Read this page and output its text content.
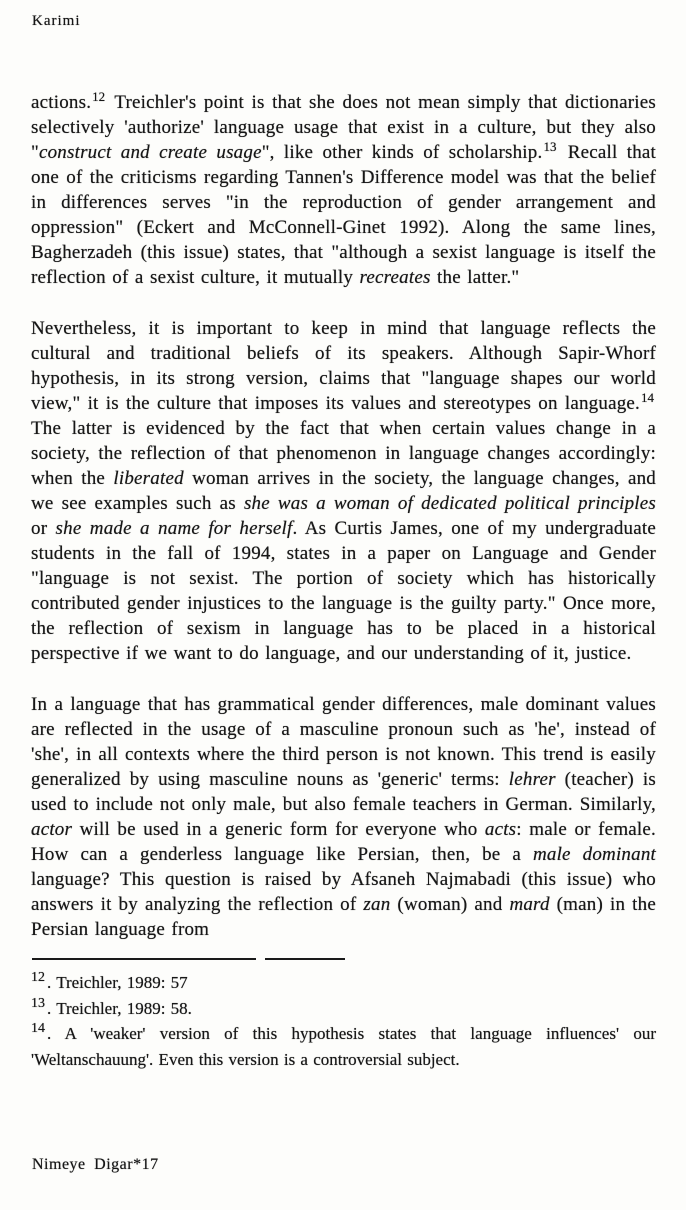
Karimi

actions.$^{12}$ Treichler's point is that she does not mean simply that dictionaries selectively 'authorize' language usage that exist in a culture, but they also "construct and create usage", like other kinds of scholarship.$^{13}$ Recall that one of the criticisms regarding Tannen's Difference model was that the belief in differences serves "in the reproduction of gender arrangement and oppression" (Eckert and McConnell-Ginet 1992). Along the same lines, Bagherzadeh (this issue) states, that "although a sexist language is itself the reflection of a sexist culture, it mutually recreates the latter."

Nevertheless, it is important to keep in mind that language reflects the cultural and traditional beliefs of its speakers. Although Sapir-Whorf hypothesis, in its strong version, claims that "language shapes our world view," it is the culture that imposes its values and stereotypes on language.$^{14}$ The latter is evidenced by the fact that when certain values change in a society, the reflection of that phenomenon in language changes accordingly: when the liberated woman arrives in the society, the language changes, and we see examples such as she was a woman of dedicated political principles or she made a name for herself. As Curtis James, one of my undergraduate students in the fall of 1994, states in a paper on Language and Gender "language is not sexist. The portion of society which has historically contributed gender injustices to the language is the guilty party." Once more, the reflection of sexism in language has to be placed in a historical perspective if we want to do language, and our understanding of it, justice.

In a language that has grammatical gender differences, male dominant values are reflected in the usage of a masculine pronoun such as 'he', instead of 'she', in all contexts where the third person is not known. This trend is easily generalized by using masculine nouns as 'generic' terms: lehrer (teacher) is used to include not only male, but also female teachers in German. Similarly, actor will be used in a generic form for everyone who acts: male or female. How can a genderless language like Persian, then, be a male dominant language? This question is raised by Afsaneh Najmabadi (this issue) who answers it by analyzing the reflection of zan (woman) and mard (man) in the Persian language from

$^{12}$ . Treichler, 1989: 57
$^{13}$ . Treichler, 1989: 58.
$^{14}$ . A 'weaker' version of this hypothesis states that language influences' our 'Weltanschauung'. Even this version is a controversial subject.
Nimeye Digar*17
